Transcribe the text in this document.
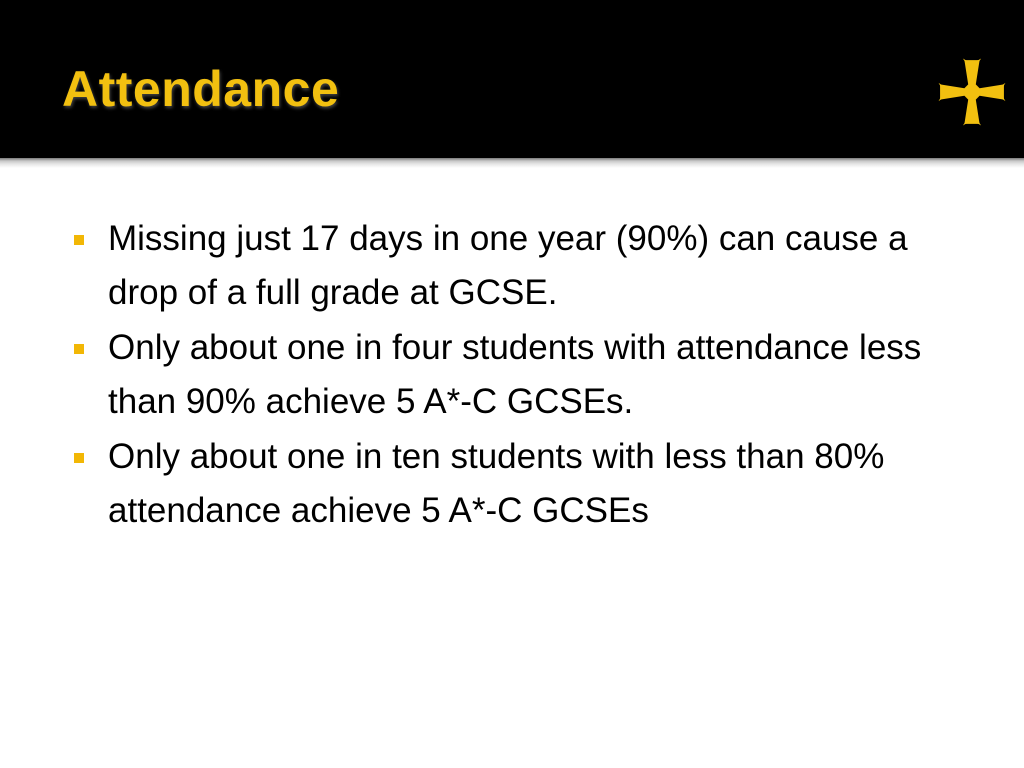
Attendance
Missing just 17 days in one year (90%) can cause a drop of a full grade at GCSE.
Only about one in four students with attendance less than 90% achieve 5 A*-C GCSEs.
Only about one in ten students with less than 80% attendance achieve 5 A*-C GCSEs
